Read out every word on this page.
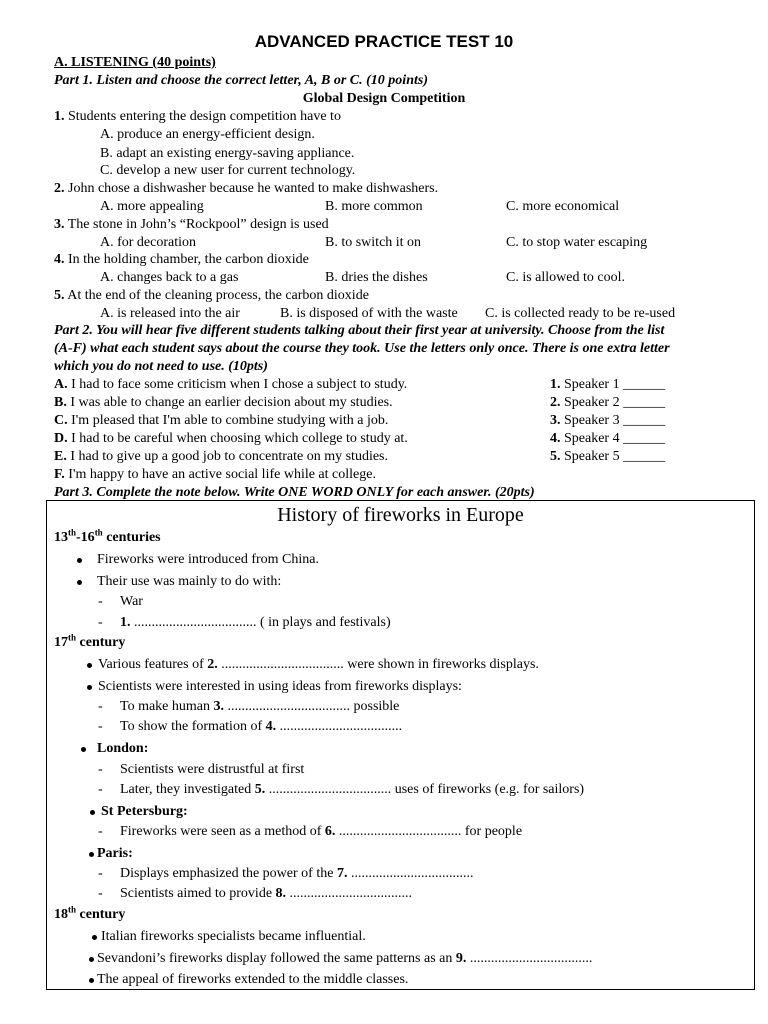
ADVANCED PRACTICE TEST 10
A. LISTENING (40 points)
Part 1. Listen and choose the correct letter, A, B or C. (10 points)
Global Design Competition
1. Students entering the design competition have to
A. produce an energy-efficient design.
B. adapt an existing energy-saving appliance.
C. develop a new user for current technology.
2. John chose a dishwasher because he wanted to make dishwashers.
A. more appealing	B. more common	C. more economical
3. The stone in John’s “Rockpool” design is used
A. for decoration	B. to switch it on	C. to stop water escaping
4. In the holding chamber, the carbon dioxide
A. changes back to a gas	B. dries the dishes	C. is allowed to cool.
5. At the end of the cleaning process, the carbon dioxide
A. is released into the air	B. is disposed of with the waste C. is collected ready to be re-used
Part 2. You will hear five different students talking about their first year at university. Choose from the list
(A-F) what each student says about the course they took. Use the letters only once. There is one extra letter
which you do not need to use. (10pts)
A. I had to face some criticism when I chose a subject to study.
B. I was able to change an earlier decision about my studies.
C. I'm pleased that I'm able to combine studying with a job.
D. I had to be careful when choosing which college to study at.
E. I had to give up a good job to concentrate on my studies.
F. I'm happy to have an active social life while at college.
1. Speaker 1 ______
2. Speaker 2 ______
3. Speaker 3 ______
4. Speaker 4 ______
5. Speaker 5 ______
Part 3. Complete the note below. Write ONE WORD ONLY for each answer. (20pts)
History of fireworks in Europe
13th-16th centuries
Fireworks were introduced from China.
Their use was mainly to do with:
- War
- 1. ................................... ( in plays and festivals)
17th century
Various features of 2. ................................... were shown in fireworks displays.
Scientists were interested in using ideas from fireworks displays:
- To make human 3. ................................... possible
- To show the formation of 4. ...................................
London:
- Scientists were distrustful at first
- Later, they investigated 5. ................................... uses of fireworks (e.g. for sailors)
St Petersburg:
- Fireworks were seen as a method of 6. ................................... for people
Paris:
- Displays emphasized the power of the 7. ...................................
- Scientists aimed to provide 8. ...................................
18th century
Italian fireworks specialists became influential.
Sevandoni’s fireworks display followed the same patterns as an 9. ...................................
The appeal of fireworks extended to the middle classes.
